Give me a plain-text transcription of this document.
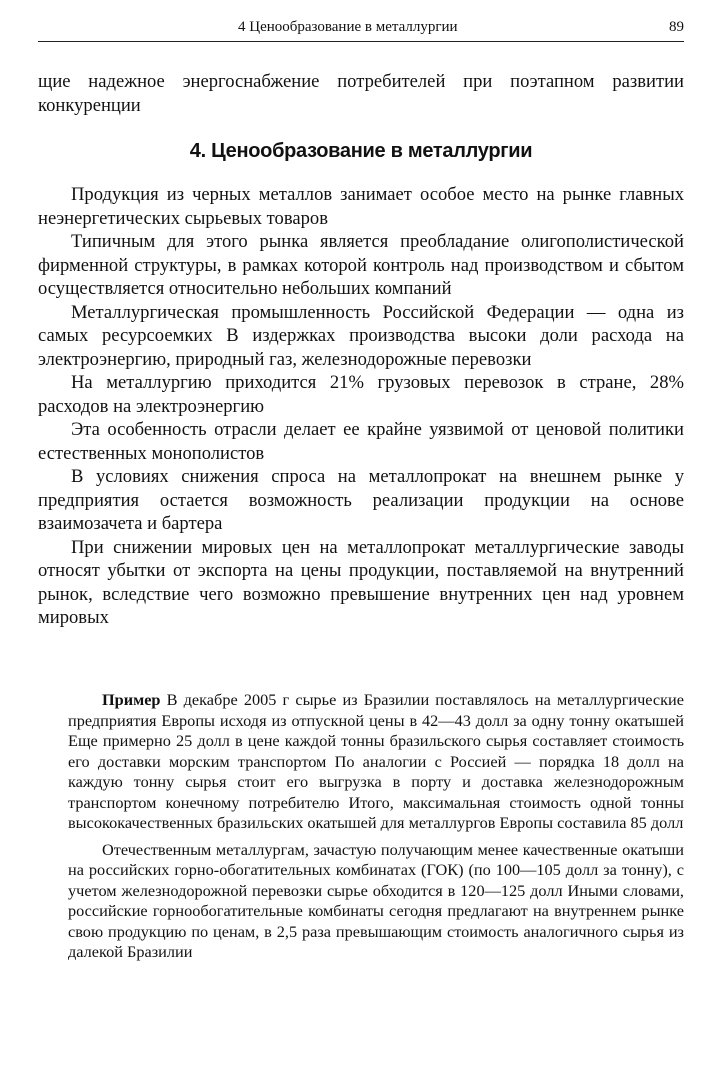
4 Ценообразование в металлургии	89

щие надежное энергоснабжение потребителей при поэтапном развитии конкуренции

4. Ценообразование в металлургии

Продукция из черных металлов занимает особое место на рынке главных неэнергетических сырьевых товаров

Типичным для этого рынка является преобладание олигополистической фирменной структуры, в рамках которой контроль над производством и сбытом осуществляется относительно небольших компаний

Металлургическая промышленность Российской Федерации — одна из самых ресурсоемких В издержках производства высоки доли расхода на электроэнергию, природный газ, железнодорожные перевозки

На металлургию приходится 21% грузовых перевозок в стране, 28% расходов на электроэнергию

Эта особенность отрасли делает ее крайне уязвимой от ценовой политики естественных монополистов

В условиях снижения спроса на металлопрокат на внешнем рынке у предприятия остается возможность реализации продукции на основе взаимозачета и бартера

При снижении мировых цен на металлопрокат металлургические заводы относят убытки от экспорта на цены продукции, поставляемой на внутренний рынок, вследствие чего возможно превышение внутренних цен над уровнем мировых

Пример В декабре 2005 г сырье из Бразилии поставлялось на металлургические предприятия Европы исходя из отпускной цены в 42—43 долл за одну тонну окатышей Еще примерно 25 долл в цене каждой тонны бразильского сырья составляет стоимость его доставки морским транспортом По аналогии с Россией — порядка 18 долл на каждую тонну сырья стоит его выгрузка в порту и доставка железнодорожным транспортом конечному потребителю Итого, максимальная стоимость одной тонны высококачественных бразильских окатышей для металлургов Европы составила 85 долл

Отечественным металлургам, зачастую получающим менее качественные окатыши на российских горно-обогатительных комбинатах (ГОК) (по 100—105 долл за тонну), с учетом железнодорожной перевозки сырье обходится в 120—125 долл Иными словами, российские горнообогатительные комбинаты сегодня предлагают на внутреннем рынке свою продукцию по ценам, в 2,5 раза превышающим стоимость аналогичного сырья из далекой Бразилии
